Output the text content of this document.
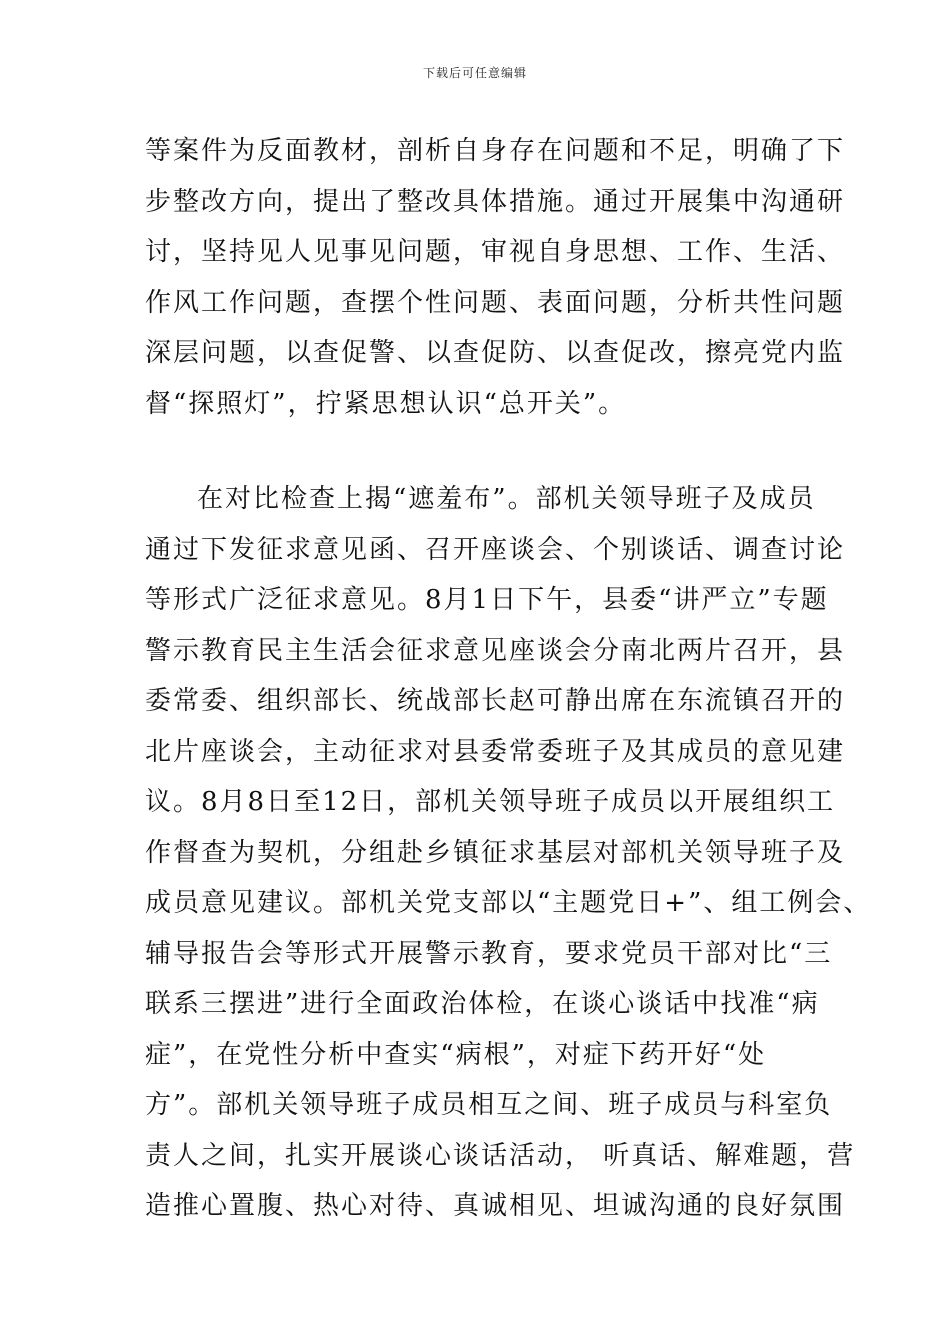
下载后可任意编辑
等案件为反面教材，剖析自身存在问题和不足，明确了下
步整改方向，提出了整改具体措施。通过开展集中沟通研
讨，坚持见人见事见问题，审视自身思想、工作、生活、
作风工作问题，查摆个性问题、表面问题，分析共性问题
深层问题，以查促警、以查促防、以查促改，擦亮党内监
督“探照灯”，拧紧思想认识“总开关”。
在对比检查上揭“遮羞布”。部机关领导班子及成员
通过下发征求意见函、召开座谈会、个别谈话、调查讨论
等形式广泛征求意见。8月1日下午，县委“讲严立”专题
警示教育民主生活会征求意见座谈会分南北两片召开，县
委常委、组织部长、统战部长赵可静出席在东流镇召开的
北片座谈会，主动征求对县委常委班子及其成员的意见建
议。8月8日至12日，部机关领导班子成员以开展组织工
作督查为契机，分组赴乡镇征求基层对部机关领导班子及
成员意见建议。部机关党支部以“主题党日+”、组工例会、
辅导报告会等形式开展警示教育，要求党员干部对比“三
联系三摆进”进行全面政治体检，在谈心谈话中找准“病
症”，在党性分析中查实“病根”，对症下药开好“处
方”。部机关领导班子成员相互之间、班子成员与科室负
责人之间，扎实开展谈心谈话活动， 听真话、解难题，营
造推心置腹、热心对待、真诚相见、坦诚沟通的良好氛围
